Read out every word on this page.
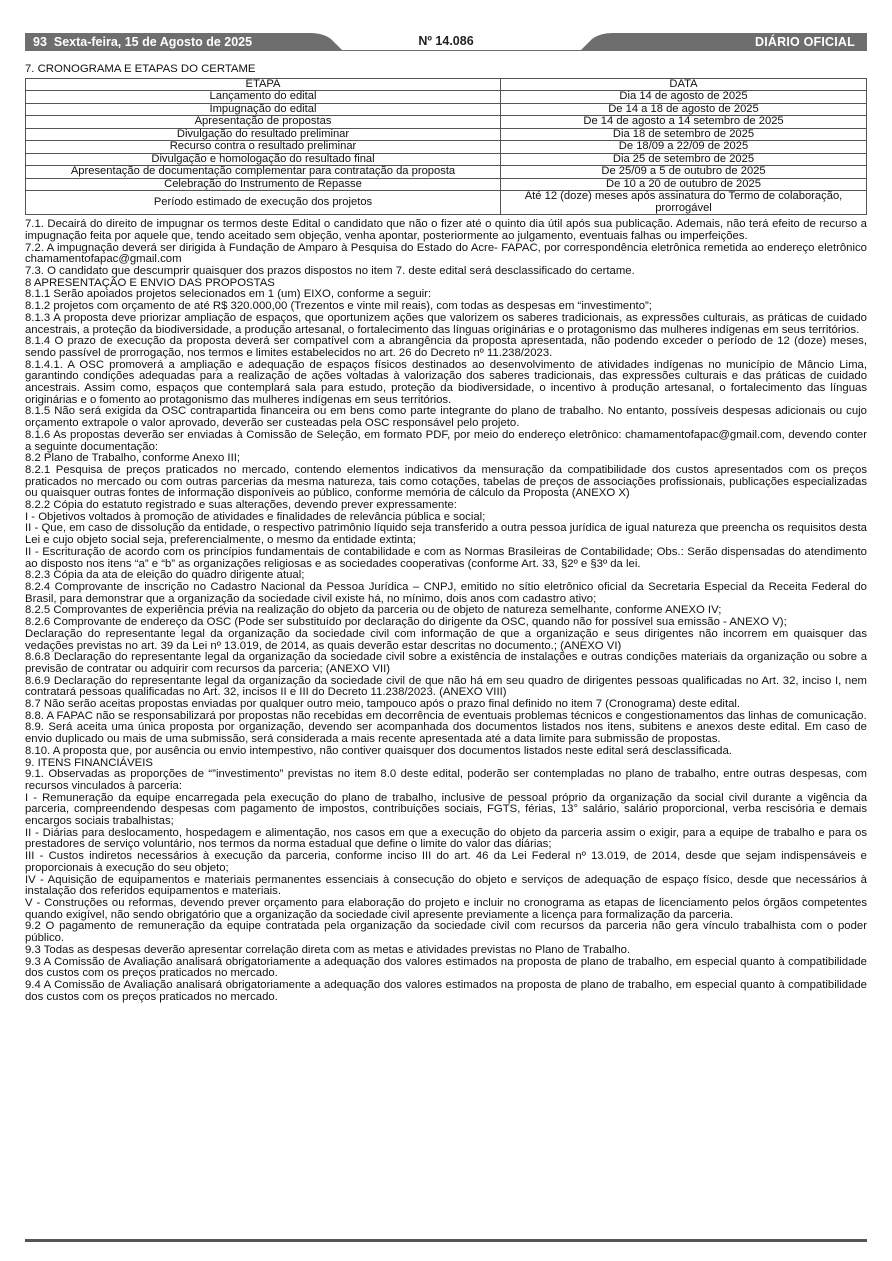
93 Sexta-feira, 15 de Agosto de 2025	Nº 14.086	DIÁRIO OFICIAL
7. CRONOGRAMA E ETAPAS DO CERTAME
ETAPA	DATA
Lançamento do edital	Dia 14 de agosto de 2025
Impugnação do edital	De 14 a 18 de agosto de 2025
Apresentação de propostas	De 14 de agosto a 14 setembro de 2025
Divulgação do resultado preliminar	Dia 18 de setembro de 2025
Recurso contra o resultado preliminar	De 18/09 a 22/09 de 2025
Divulgação e homologação do resultado final	Dia 25 de setembro de 2025
Apresentação de documentação complementar para contratação da proposta	De 25/09 a 5 de outubro de 2025
Celebração do Instrumento de Repasse	De 10 a 20 de outubro de 2025
Período estimado de execução dos projetos	Até 12 (doze) meses após assinatura do Termo de colaboração, prorrogável

7.1. Decairá do direito de impugnar os termos deste Edital o candidato que não o fizer até o quinto dia útil após sua publicação. Ademais, não terá efeito de recurso a impugnação feita por aquele que, tendo aceitado sem objeção, venha apontar, posteriormente ao julgamento, eventuais falhas ou imperfeições.

7.2. A impugnação deverá ser dirigida à Fundação de Amparo à Pesquisa do Estado do Acre- FAPAC, por correspondência eletrônica remetida ao endereço eletrônico chamamentofapac@gmail.com

7.3. O candidato que descumprir quaisquer dos prazos dispostos no item 7. deste edital será desclassificado do certame.

8 APRESENTAÇÃO E ENVIO DAS PROPOSTAS

8.1.1 Serão apoiados projetos selecionados em 1 (um) EIXO, conforme a seguir:

8.1.2 projetos com orçamento de até R$ 320.000,00 (Trezentos e vinte mil reais), com todas as despesas em “investimento”;

8.1.3 A proposta deve priorizar ampliação de espaços, que oportunizem ações que valorizem os saberes tradicionais, as expressões culturais, as práticas de cuidado ancestrais, a proteção da biodiversidade, a produção artesanal, o fortalecimento das línguas originárias e o protagonismo das mulheres indígenas em seus territórios.

8.1.4 O prazo de execução da proposta deverá ser compatível com a abrangência da proposta apresentada, não podendo exceder o período de 12 (doze) meses, sendo passível de prorrogação, nos termos e limites estabelecidos no art. 26 do Decreto nº 11.238/2023.

8.1.4.1. A OSC promoverá a ampliação e adequação de espaços físicos destinados ao desenvolvimento de atividades indígenas no município de Mâncio Lima, garantindo condições adequadas para a realização de ações voltadas à valorização dos saberes tradicionais, das expressões culturais e das práticas de cuidado ancestrais. Assim como, espaços que contemplará sala para estudo, proteção da biodiversidade, o incentivo à produção artesanal, o fortalecimento das línguas originárias e o fomento ao protagonismo das mulheres indígenas em seus territórios.

8.1.5 Não será exigida da OSC contrapartida financeira ou em bens como parte integrante do plano de trabalho. No entanto, possíveis despesas adicionais ou cujo orçamento extrapole o valor aprovado, deverão ser custeadas pela OSC responsável pelo projeto.

8.1.6 As propostas deverão ser enviadas à Comissão de Seleção, em formato PDF, por meio do endereço eletrônico: chamamentofapac@gmail.com, devendo conter a seguinte documentação:

8.2 Plano de Trabalho, conforme Anexo III;

8.2.1 Pesquisa de preços praticados no mercado, contendo elementos indicativos da mensuração da compatibilidade dos custos apresentados com os preços praticados no mercado ou com outras parcerias da mesma natureza, tais como cotações, tabelas de preços de associações profissionais, publicações especializadas ou quaisquer outras fontes de informação disponíveis ao público, conforme memória de cálculo da Proposta (ANEXO X)

8.2.2 Cópia do estatuto registrado e suas alterações, devendo prever expressamente:

I - Objetivos voltados à promoção de atividades e finalidades de relevância pública e social;

II - Que, em caso de dissolução da entidade, o respectivo patrimônio líquido seja transferido a outra pessoa jurídica de igual natureza que preencha os requisitos desta Lei e cujo objeto social seja, preferencialmente, o mesmo da entidade extinta;

II - Escrituração de acordo com os princípios fundamentais de contabilidade e com as Normas Brasileiras de Contabilidade; Obs.: Serão dispensadas do atendimento ao disposto nos itens “a” e “b” as organizações religiosas e as sociedades cooperativas (conforme Art. 33, §2º e §3º da lei.

8.2.3 Cópia da ata de eleição do quadro dirigente atual;

8.2.4 Comprovante de inscrição no Cadastro Nacional da Pessoa Jurídica – CNPJ, emitido no sítio eletrônico oficial da Secretaria Especial da Receita Federal do Brasil, para demonstrar que a organização da sociedade civil existe há, no mínimo, dois anos com cadastro ativo;

8.2.5 Comprovantes de experiência prévia na realização do objeto da parceria ou de objeto de natureza semelhante, conforme ANEXO IV;

8.2.6 Comprovante de endereço da OSC (Pode ser substituído por declaração do dirigente da OSC, quando não for possível sua emissão - ANEXO V);

Declaração do representante legal da organização da sociedade civil com informação de que a organização e seus dirigentes não incorrem em quaisquer das vedações previstas no art. 39 da Lei nº 13.019, de 2014, as quais deverão estar descritas no documento.; (ANEXO VI)

8.6.8 Declaração do representante legal da organização da sociedade civil sobre a existência de instalações e outras condições materiais da organização ou sobre a previsão de contratar ou adquirir com recursos da parceria; (ANEXO VII)

8.6.9 Declaração do representante legal da organização da sociedade civil de que não há em seu quadro de dirigentes pessoas qualificadas no Art. 32, inciso I, nem contratará pessoas qualificadas no Art. 32, incisos II e III do Decreto 11.238/2023. (ANEXO VIII)

8.7 Não serão aceitas propostas enviadas por qualquer outro meio, tampouco após o prazo final definido no item 7 (Cronograma) deste edital.

8.8. A FAPAC não se responsabilizará por propostas não recebidas em decorrência de eventuais problemas técnicos e congestionamentos das linhas de comunicação.

8.9. Será aceita uma única proposta por organização, devendo ser acompanhada dos documentos listados nos itens, subitens e anexos deste edital. Em caso de envio duplicado ou mais de uma submissão, será considerada a mais recente apresentada até a data limite para submissão de propostas.

8.10. A proposta que, por ausência ou envio intempestivo, não contiver quaisquer dos documentos listados neste edital será desclassificada.

9. ITENS FINANCIÁVEIS

9.1. Observadas as proporções de “”investimento” previstas no item 8.0 deste edital, poderão ser contempladas no plano de trabalho, entre outras despesas, com recursos vinculados à parceria:

I - Remuneração da equipe encarregada pela execução do plano de trabalho, inclusive de pessoal próprio da organização da social civil durante a vigência da parceria, compreendendo despesas com pagamento de impostos, contribuições sociais, FGTS, férias, 13° salário, salário proporcional, verba rescisória e demais encargos sociais trabalhistas;

II - Diárias para deslocamento, hospedagem e alimentação, nos casos em que a execução do objeto da parceria assim o exigir, para a equipe de trabalho e para os prestadores de serviço voluntário, nos termos da norma estadual que define o limite do valor das diárias;

III - Custos indiretos necessários à execução da parceria, conforme inciso III do art. 46 da Lei Federal nº 13.019, de 2014, desde que sejam indispensáveis e proporcionais à execução do seu objeto;

IV - Aquisição de equipamentos e materiais permanentes essenciais à consecução do objeto e serviços de adequação de espaço físico, desde que necessários à instalação dos referidos equipamentos e materiais.

V - Construções ou reformas, devendo prever orçamento para elaboração do projeto e incluir no cronograma as etapas de licenciamento pelos órgãos competentes quando exigível, não sendo obrigatório que a organização da sociedade civil apresente previamente a licença para formalização da parceria.

9.2 O pagamento de remuneração da equipe contratada pela organização da sociedade civil com recursos da parceria não gera vínculo trabalhista com o poder público.

9.3 Todas as despesas deverão apresentar correlação direta com as metas e atividades previstas no Plano de Trabalho.

9.3 A Comissão de Avaliação analisará obrigatoriamente a adequação dos valores estimados na proposta de plano de trabalho, em especial quanto à compatibilidade dos custos com os preços praticados no mercado.

9.4 A Comissão de Avaliação analisará obrigatoriamente a adequação dos valores estimados na proposta de plano de trabalho, em especial quanto à compatibilidade dos custos com os preços praticados no mercado.
